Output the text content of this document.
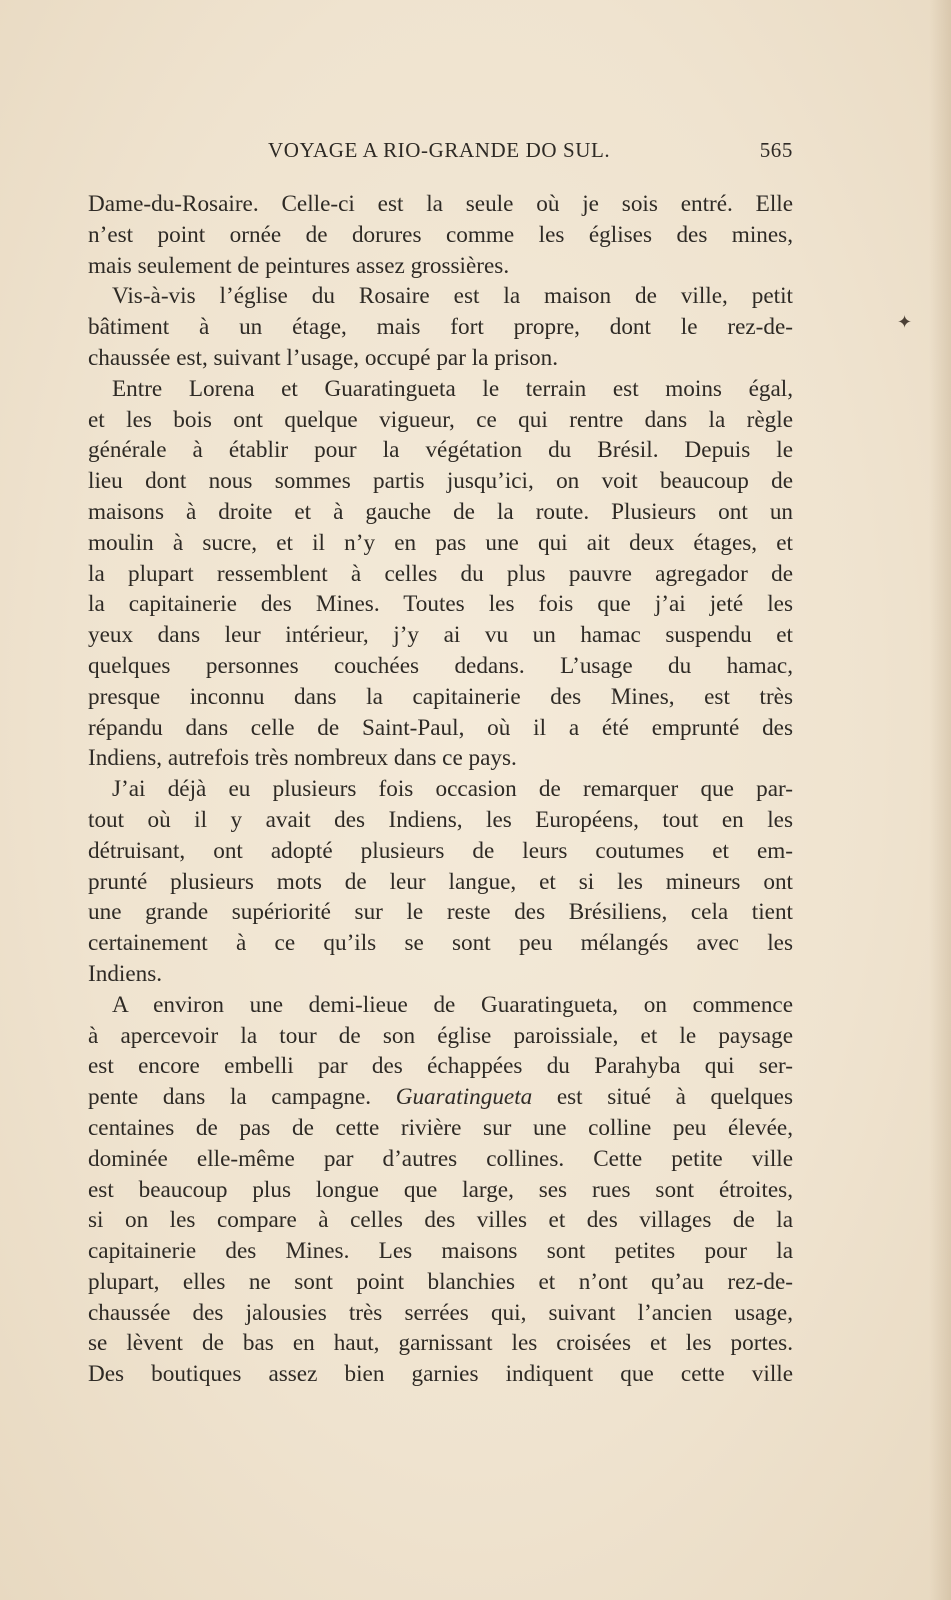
VOYAGE A RIO-GRANDE DO SUL.	565
✦
Dame-du-Rosaire. Celle-ci est la seule où je sois entré. Elle
n’est point ornée de dorures comme les églises des mines,
mais seulement de peintures assez grossières.
Vis-à-vis l’église du Rosaire est la maison de ville, petit
bâtiment à un étage, mais fort propre, dont le rez-de-
chaussée est, suivant l’usage, occupé par la prison.
Entre Lorena et Guaratingueta le terrain est moins égal,
et les bois ont quelque vigueur, ce qui rentre dans la règle
générale à établir pour la végétation du Brésil. Depuis le
lieu dont nous sommes partis jusqu’ici, on voit beaucoup de
maisons à droite et à gauche de la route. Plusieurs ont un
moulin à sucre, et il n’y en pas une qui ait deux étages, et
la plupart ressemblent à celles du plus pauvre agregador de
la capitainerie des Mines. Toutes les fois que j’ai jeté les
yeux dans leur intérieur, j’y ai vu un hamac suspendu et
quelques personnes couchées dedans. L’usage du hamac,
presque inconnu dans la capitainerie des Mines, est très
répandu dans celle de Saint-Paul, où il a été emprunté des
Indiens, autrefois très nombreux dans ce pays.
J’ai déjà eu plusieurs fois occasion de remarquer que par-
tout où il y avait des Indiens, les Européens, tout en les
détruisant, ont adopté plusieurs de leurs coutumes et em-
prunté plusieurs mots de leur langue, et si les mineurs ont
une grande supériorité sur le reste des Brésiliens, cela tient
certainement à ce qu’ils se sont peu mélangés avec les
Indiens.
A environ une demi-lieue de Guaratingueta, on commence
à apercevoir la tour de son église paroissiale, et le paysage
est encore embelli par des échappées du Parahyba qui ser-
pente dans la campagne. Guaratingueta est situé à quelques
centaines de pas de cette rivière sur une colline peu élevée,
dominée elle-même par d’autres collines. Cette petite ville
est beaucoup plus longue que large, ses rues sont étroites,
si on les compare à celles des villes et des villages de la
capitainerie des Mines. Les maisons sont petites pour la
plupart, elles ne sont point blanchies et n’ont qu’au rez-de-
chaussée des jalousies très serrées qui, suivant l’ancien usage,
se lèvent de bas en haut, garnissant les croisées et les portes.
Des boutiques assez bien garnies indiquent que cette ville
